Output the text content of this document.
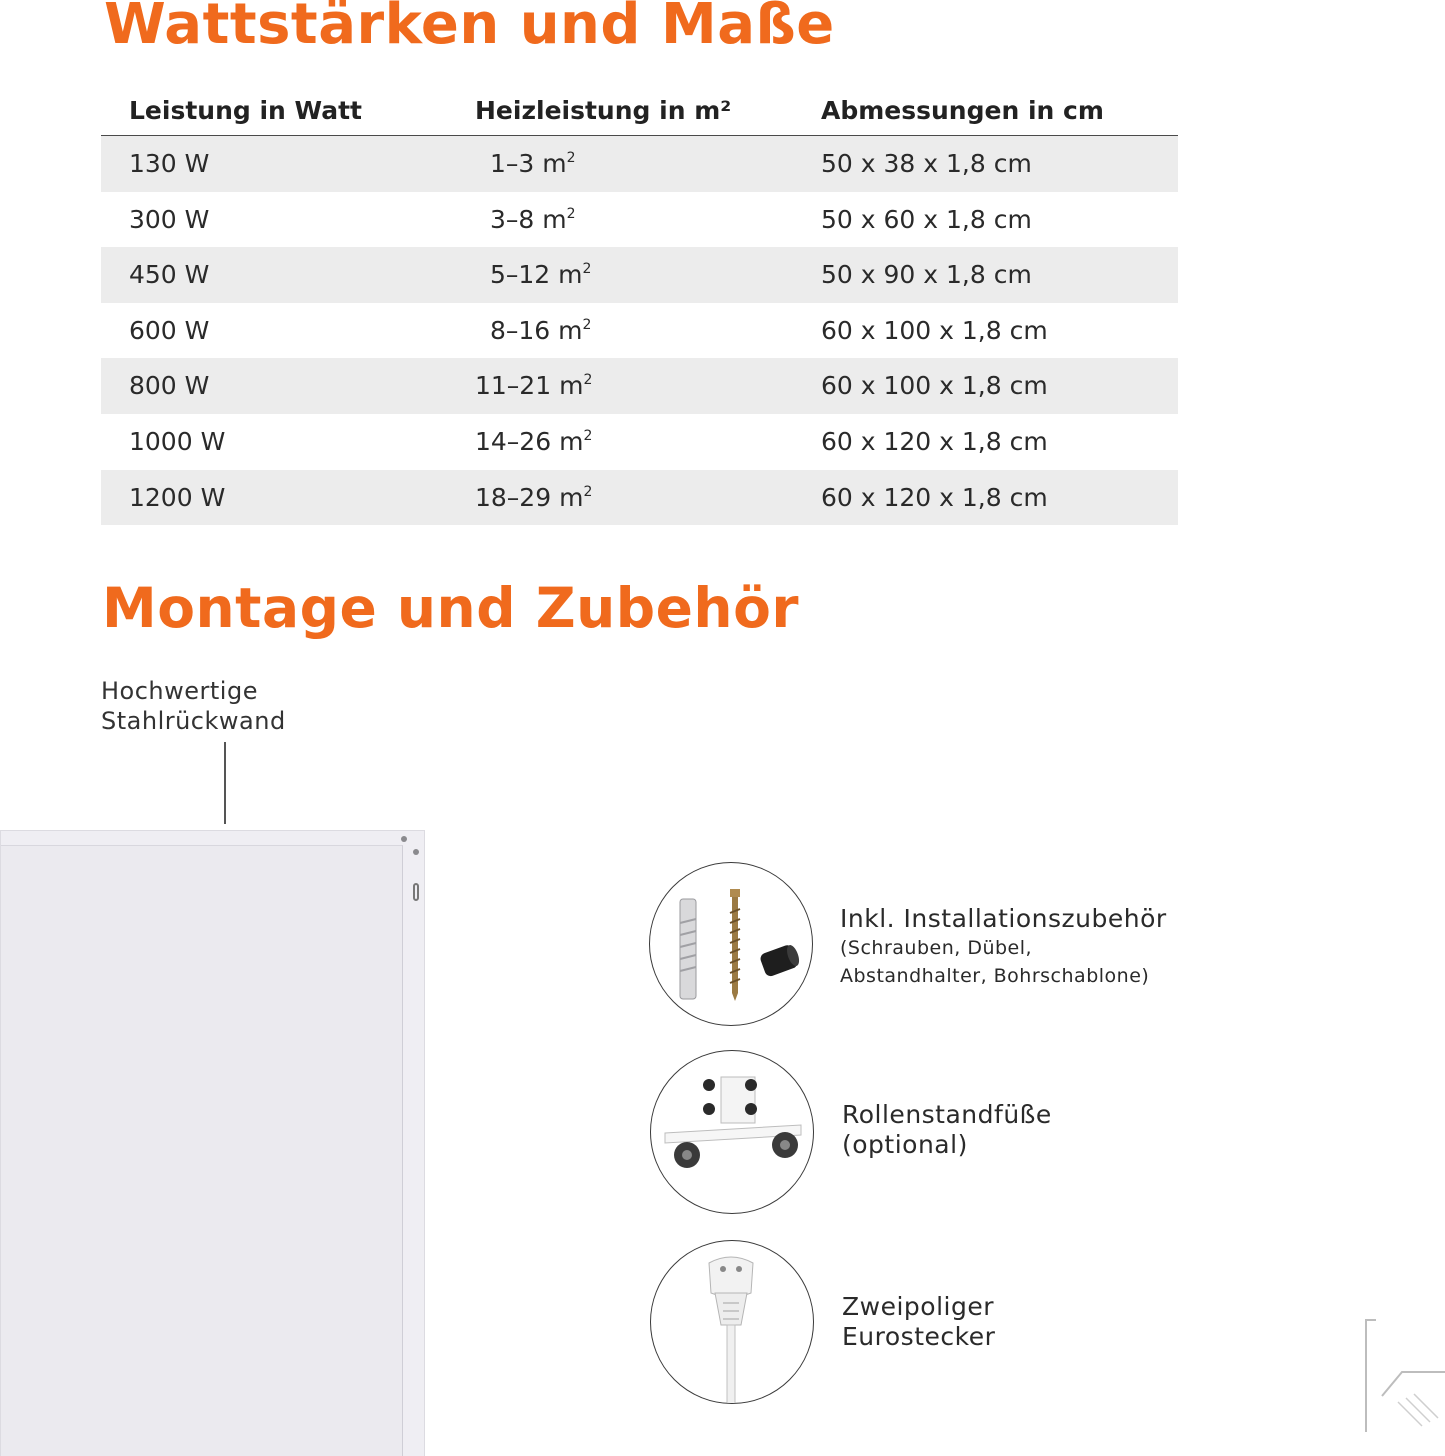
Wattstärken und Maße
Leistung in Watt	Heizleistung in m²	Abmessungen in cm
130 W	1–3 $m^2$	50 x 38 x 1,8 cm
300 W	3–8 $m^2$	50 x 60 x 1,8 cm
450 W	5–12 $m^2$	50 x 90 x 1,8 cm
600 W	8–16 $m^2$	60 x 100 x 1,8 cm
800 W	11–21 $m^2$	60 x 100 x 1,8 cm
1000 W	14–26 $m^2$	60 x 120 x 1,8 cm
1200 W	18–29 $m^2$	60 x 120 x 1,8 cm
Montage und Zubehör
Hochwertige
Stahlrückwand
Inkl. Installationszubehör
(Schrauben, Dübel,
Abstandhalter, Bohrschablone)
Rollenstandfüße
(optional)
Zweipoliger
Eurostecker
